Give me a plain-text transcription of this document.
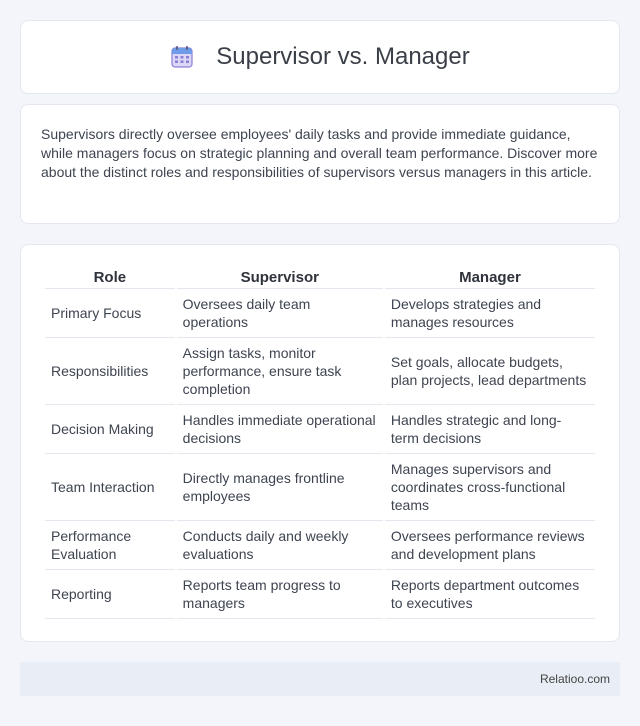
Supervisor vs. Manager

Supervisors directly oversee employees' daily tasks and provide immediate guidance, while managers focus on strategic planning and overall team performance. Discover more about the distinct roles and responsibilities of supervisors versus managers in this article.

Role	Supervisor	Manager
Primary Focus	Oversees daily team operations	Develops strategies and manages resources
Responsibilities	Assign tasks, monitor performance, ensure task completion	Set goals, allocate budgets, plan projects, lead departments
Decision Making	Handles immediate operational decisions	Handles strategic and long-term decisions
Team Interaction	Directly manages frontline employees	Manages supervisors and coordinates cross-functional teams
Performance Evaluation	Conducts daily and weekly evaluations	Oversees performance reviews and development plans
Reporting	Reports team progress to managers	Reports department outcomes to executives
Relatioo.com
